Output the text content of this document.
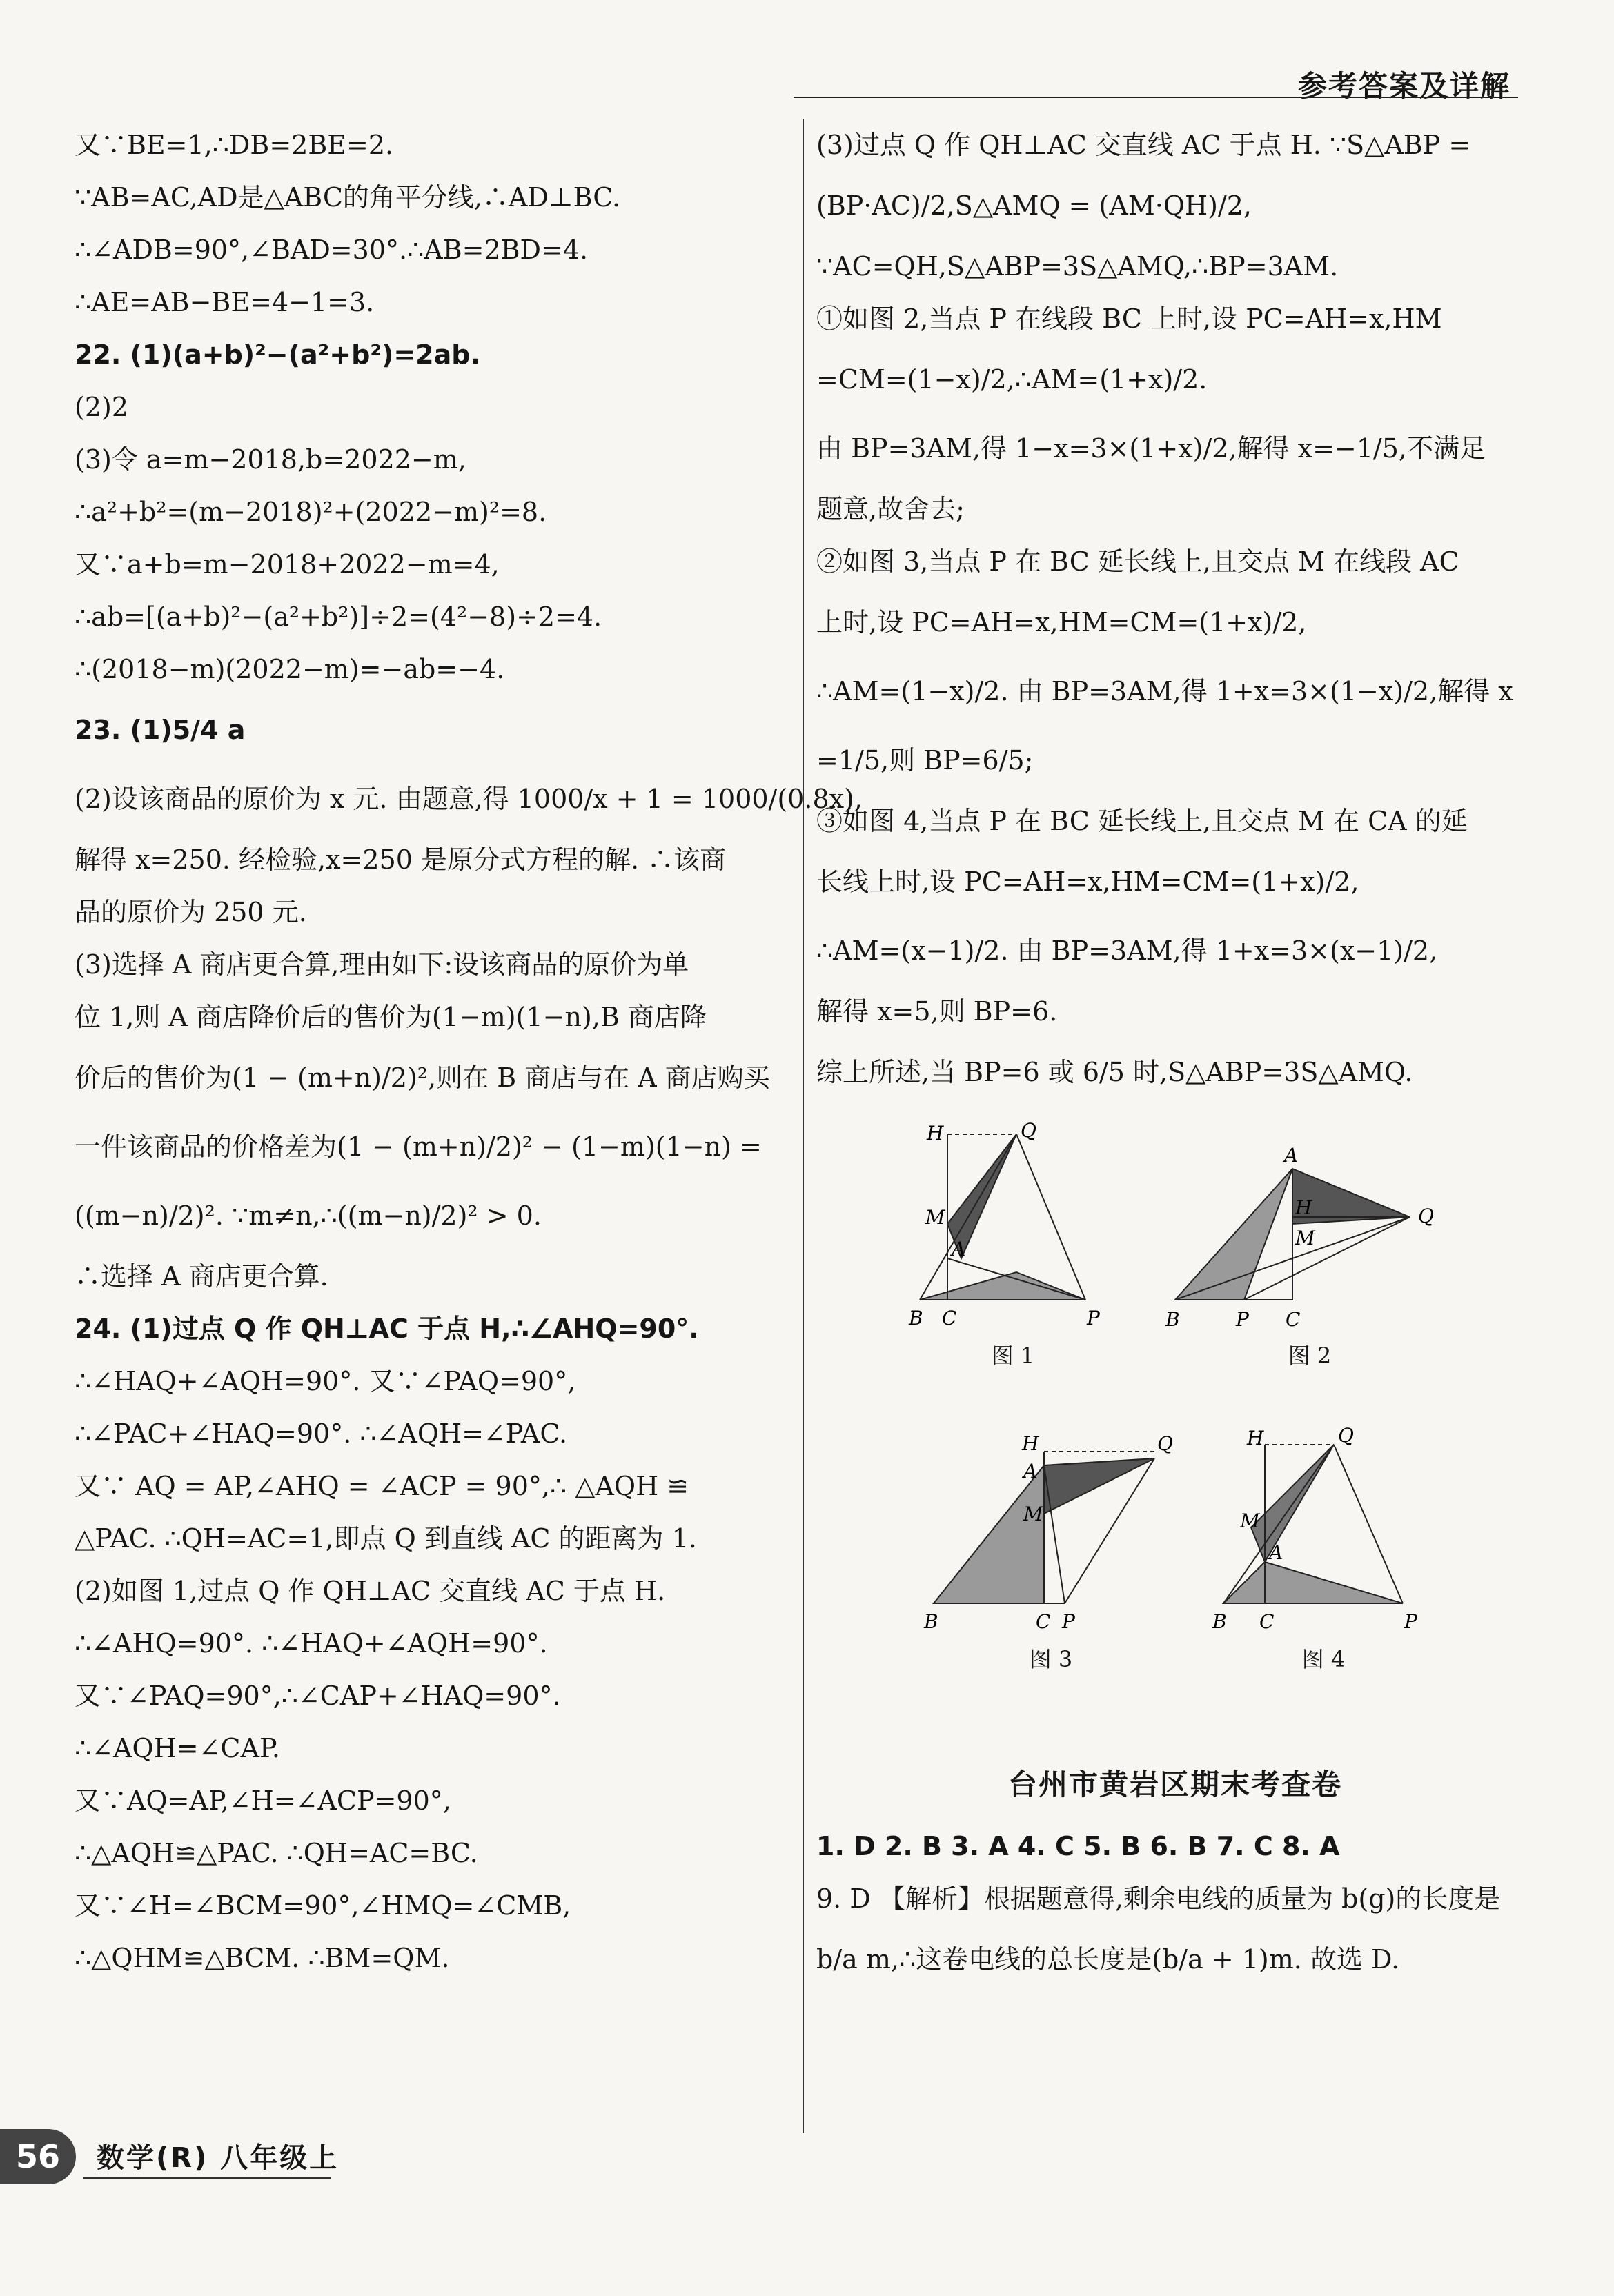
参考答案及详解
又∵BE=1,∴DB=2BE=2.
∵AB=AC,AD是△ABC的角平分线,∴AD⊥BC.
∴∠ADB=90°,∠BAD=30°.∴AB=2BD=4.
∴AE=AB−BE=4−1=3.
22. (1)(a+b)²−(a²+b²)=2ab.
(2)2
(3)令 a=m−2018,b=2022−m,
∴a²+b²=(m−2018)²+(2022−m)²=8.
又∵a+b=m−2018+2022−m=4,
∴ab=[(a+b)²−(a²+b²)]÷2=(4²−8)÷2=4.
∴(2018−m)(2022−m)=−ab=−4.
23. (1)5/4 a
(2)设该商品的原价为 x 元. 由题意,得 1000/x + 1 = 1000/(0.8x),
解得 x=250. 经检验,x=250 是原分式方程的解. ∴该商
品的原价为 250 元.
(3)选择 A 商店更合算,理由如下:设该商品的原价为单
位 1,则 A 商店降价后的售价为(1−m)(1−n),B 商店降
价后的售价为(1 − (m+n)/2)²,则在 B 商店与在 A 商店购买
一件该商品的价格差为(1 − (m+n)/2)² − (1−m)(1−n) =
((m−n)/2)². ∵m≠n,∴((m−n)/2)² > 0.
∴选择 A 商店更合算.
24. (1)过点 Q 作 QH⊥AC 于点 H,∴∠AHQ=90°.
∴∠HAQ+∠AQH=90°. 又∵∠PAQ=90°,
∴∠PAC+∠HAQ=90°. ∴∠AQH=∠PAC.
又∵ AQ = AP,∠AHQ = ∠ACP = 90°,∴ △AQH ≌
△PAC. ∴QH=AC=1,即点 Q 到直线 AC 的距离为 1.
(2)如图 1,过点 Q 作 QH⊥AC 交直线 AC 于点 H.
∴∠AHQ=90°. ∴∠HAQ+∠AQH=90°.
又∵∠PAQ=90°,∴∠CAP+∠HAQ=90°.
∴∠AQH=∠CAP.
又∵AQ=AP,∠H=∠ACP=90°,
∴△AQH≌△PAC. ∴QH=AC=BC.
又∵∠H=∠BCM=90°,∠HMQ=∠CMB,
∴△QHM≌△BCM. ∴BM=QM.
(3)过点 Q 作 QH⊥AC 交直线 AC 于点 H. ∵S△ABP =
(BP·AC)/2,S△AMQ = (AM·QH)/2,
∵AC=QH,S△ABP=3S△AMQ,∴BP=3AM.
①如图 2,当点 P 在线段 BC 上时,设 PC=AH=x,HM
=CM=(1−x)/2,∴AM=(1+x)/2.
由 BP=3AM,得 1−x=3×(1+x)/2,解得 x=−1/5,不满足
题意,故舍去;
②如图 3,当点 P 在 BC 延长线上,且交点 M 在线段 AC
上时,设 PC=AH=x,HM=CM=(1+x)/2,
∴AM=(1−x)/2. 由 BP=3AM,得 1+x=3×(1−x)/2,解得 x
=1/5,则 BP=6/5;
③如图 4,当点 P 在 BC 延长线上,且交点 M 在 CA 的延
长线上时,设 PC=AH=x,HM=CM=(1+x)/2,
∴AM=(x−1)/2. 由 BP=3AM,得 1+x=3×(x−1)/2,
解得 x=5,则 BP=6.
综上所述,当 BP=6 或 6/5 时,S△ABP=3S△AMQ.
H	Q
A
M
B C	P
图 1
A
Q
H
M
B	P C
图 2
H	Q
A
M
B	C P
图 3
H	Q
A
M
B C	P
图 4
台州市黄岩区期末考查卷
1. D 2. B 3. A 4. C 5. B 6. B 7. C 8. A
9. D 【解析】根据题意得,剩余电线的质量为 b(g)的长度是
b/a m,∴这卷电线的总长度是(b/a + 1)m. 故选 D.
56	数学(R) 八年级上
